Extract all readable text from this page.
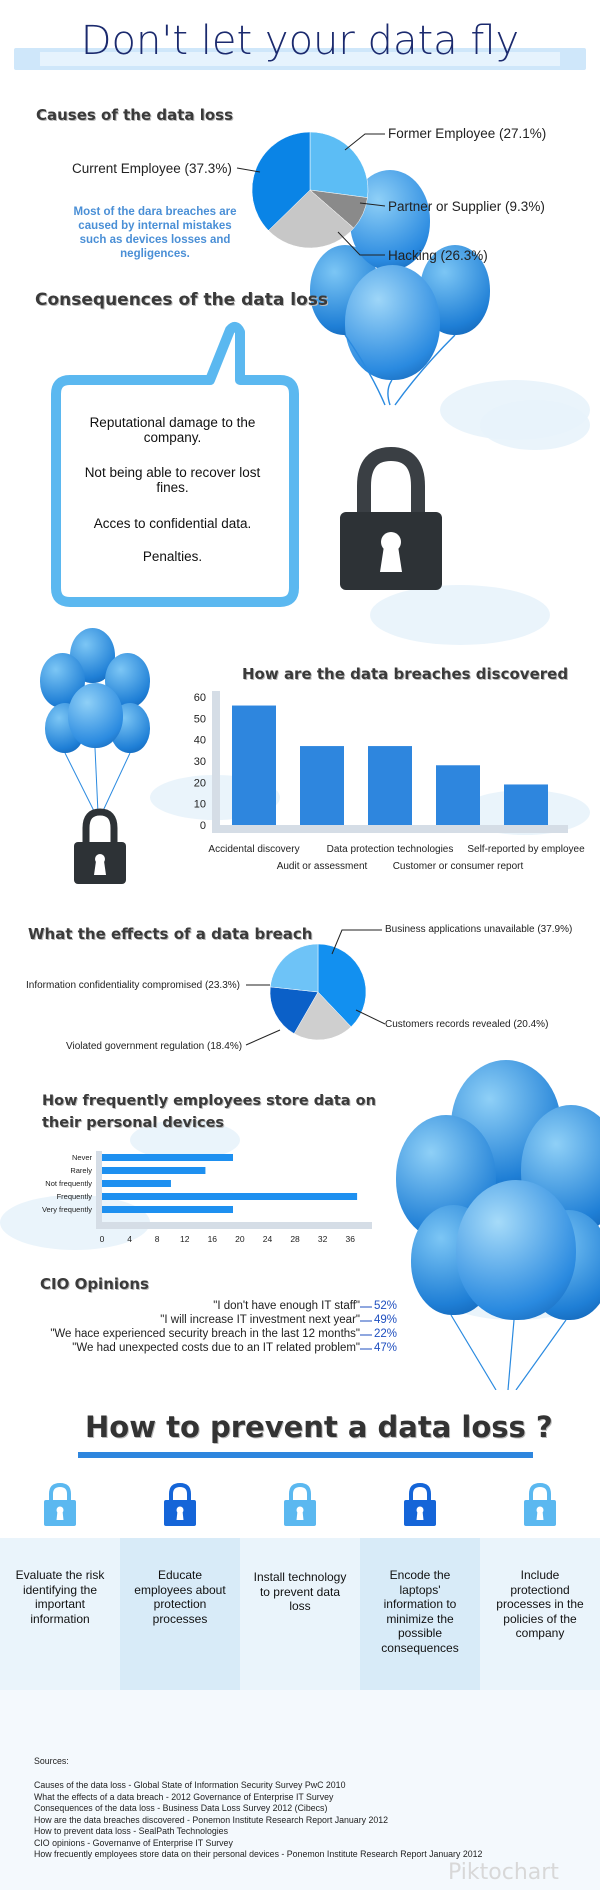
Don't let your data fly
Causes of the data loss
Current Employee (37.3%)
Former Employee (27.1%)
Partner or Supplier (9.3%)
Hacking (26.3%)
Most of the dara breaches are caused by internal mistakes such as devices losses and negligences.
Consequences of the data loss
Reputational damage to the company.
Not being able to recover lost fines.
Acces to confidential data.
Penalties.
How are the data breaches discovered
0
10
20
30
40
50
60
Accidental discovery
Audit or assessment
Data protection technologies
Customer or consumer report
Self-reported by employee
What the effects of a data breach	Business applications unavailable (37.9%)
Information confidentiality compromised (23.3%)
Customers records revealed (20.4%)
Violated government regulation (18.4%)
How frequently employees store data on
their personal devices
Never
Rarely
Not frequently
Frequently
Very frequently
0	4	8 12 16 20 24 28 32 36
CIO Opinions
"I don't have enough IT staff" 52%
"I will increase IT investment next year" 49%
"We hace experienced security breach in the last 12 months" 22%
"We had unexpected costs due to an IT related problem" 47%
How to prevent a data loss ?
Evaluate the risk identifying the important information
Educate employees about protection processes
Install technology to prevent data loss
Encode the laptops' information to minimize the possible consequences
Include protectiond processes in the policies of the company
Sources:
Causes of the data loss - Global State of Information Security Survey PwC 2010
What the effects of a data breach - 2012 Governance of Enterprise IT Survey
Consequences of the data loss - Business Data Loss Survey 2012 (Cibecs)
How are the data breaches discovered - Ponemon Institute Research Report January 2012
How to prevent data loss - SealPath Technologies
CIO opinions - Governanve of Enterprise IT Survey
How frecuently employees store data on their personal devices - Ponemon Institute Research Report January 2012
Piktochart
